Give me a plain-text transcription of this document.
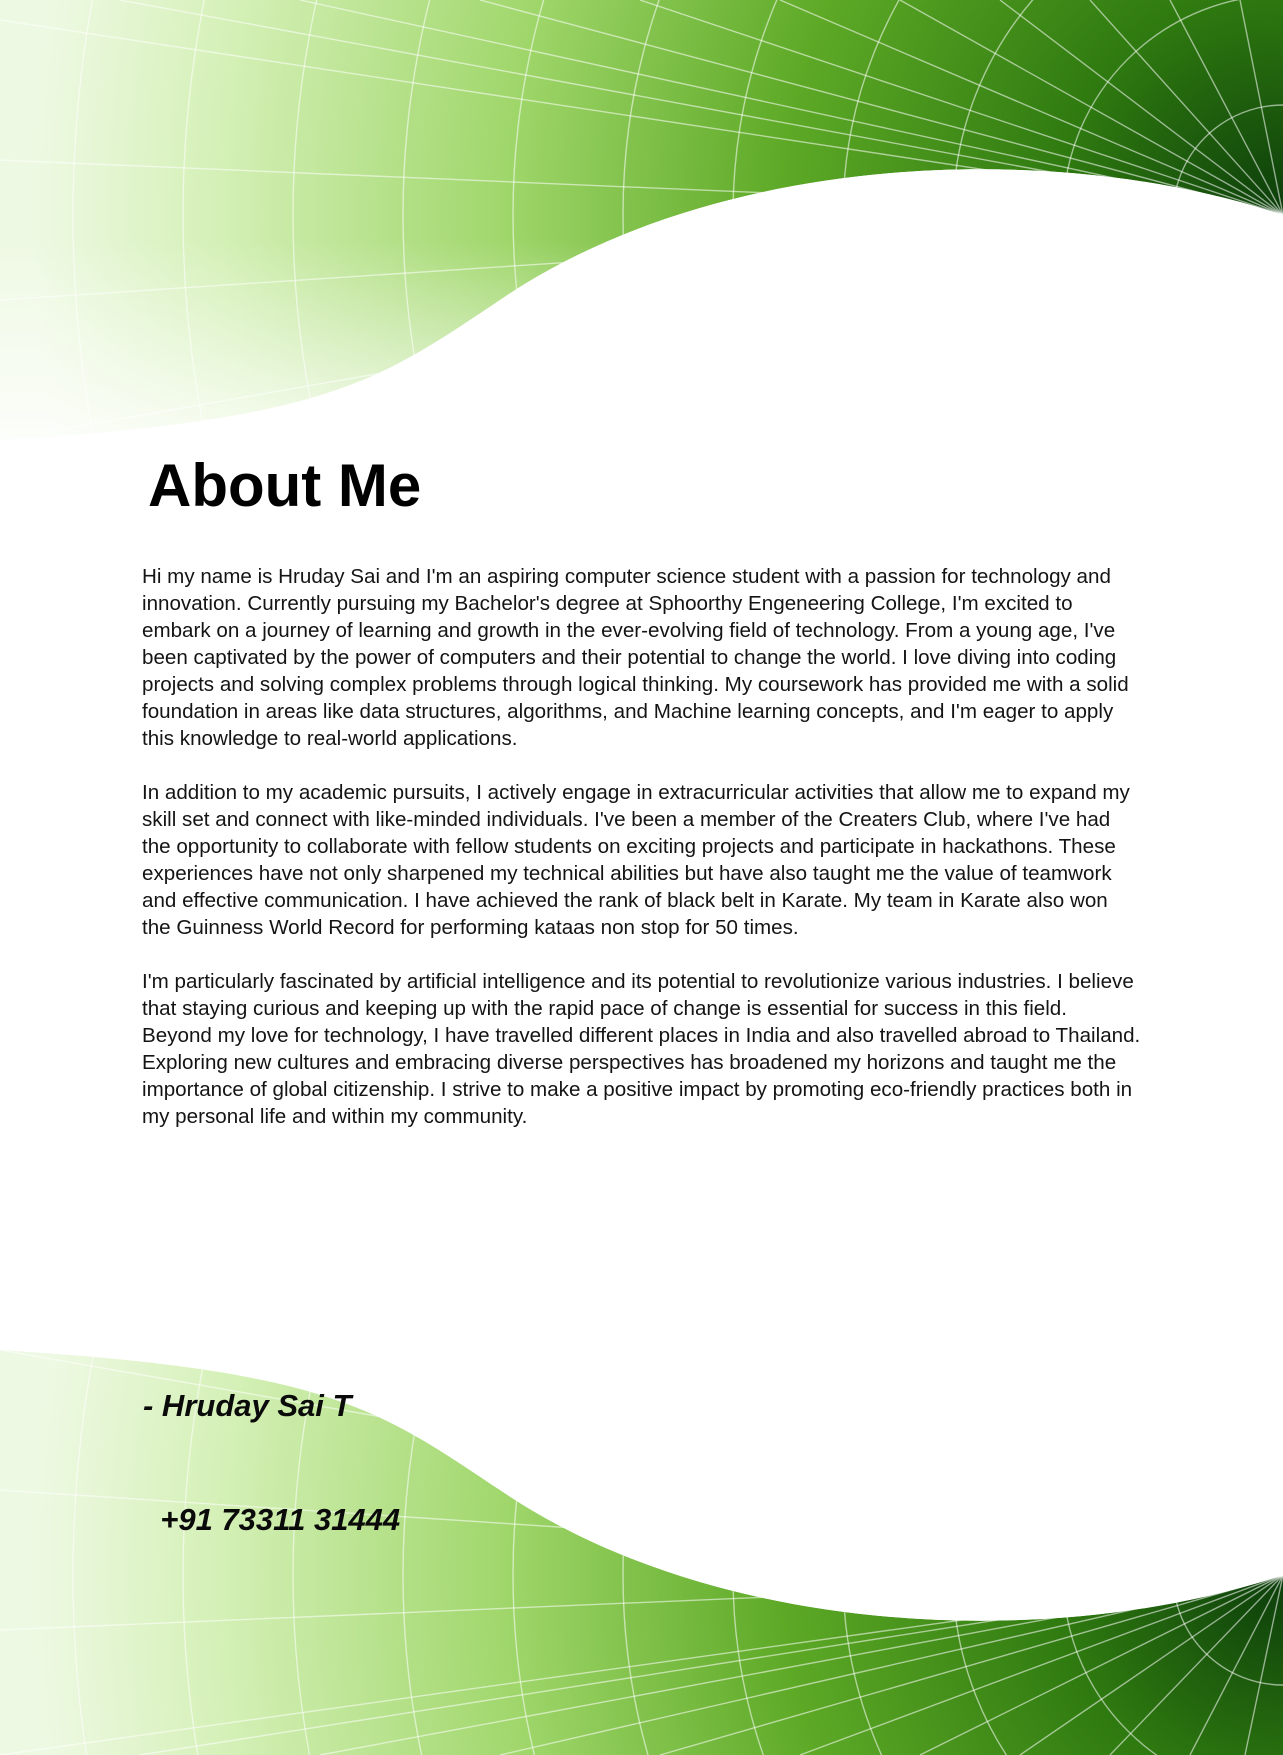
About Me

Hi my name is Hruday Sai and I'm an aspiring computer science student with a passion for technology and innovation. Currently pursuing my Bachelor's degree at Sphoorthy Engeneering College, I'm excited to embark on a journey of learning and growth in the ever-evolving field of technology. From a young age, I've been captivated by the power of computers and their potential to change the world. I love diving into coding projects and solving complex problems through logical thinking. My coursework has provided me with a solid foundation in areas like data structures, algorithms, and Machine learning concepts, and I'm eager to apply this knowledge to real-world applications.

In addition to my academic pursuits, I actively engage in extracurricular activities that allow me to expand my skill set and connect with like-minded individuals. I've been a member of the Creaters Club, where I've had the opportunity to collaborate with fellow students on exciting projects and participate in hackathons. These experiences have not only sharpened my technical abilities but have also taught me the value of teamwork and effective communication. I have achieved the rank of black belt in Karate. My team in Karate also won the Guinness World Record for performing kataas non stop for 50 times.

I'm particularly fascinated by artificial intelligence and its potential to revolutionize various industries. I believe that staying curious and keeping up with the rapid pace of change is essential for success in this field. Beyond my love for technology, I have travelled different places in India and also travelled abroad to Thailand. Exploring new cultures and embracing diverse perspectives has broadened my horizons and taught me the importance of global citizenship. I strive to make a positive impact by promoting eco-friendly practices both in my personal life and within my community.

- Hruday Sai T

+91 73311 31444
